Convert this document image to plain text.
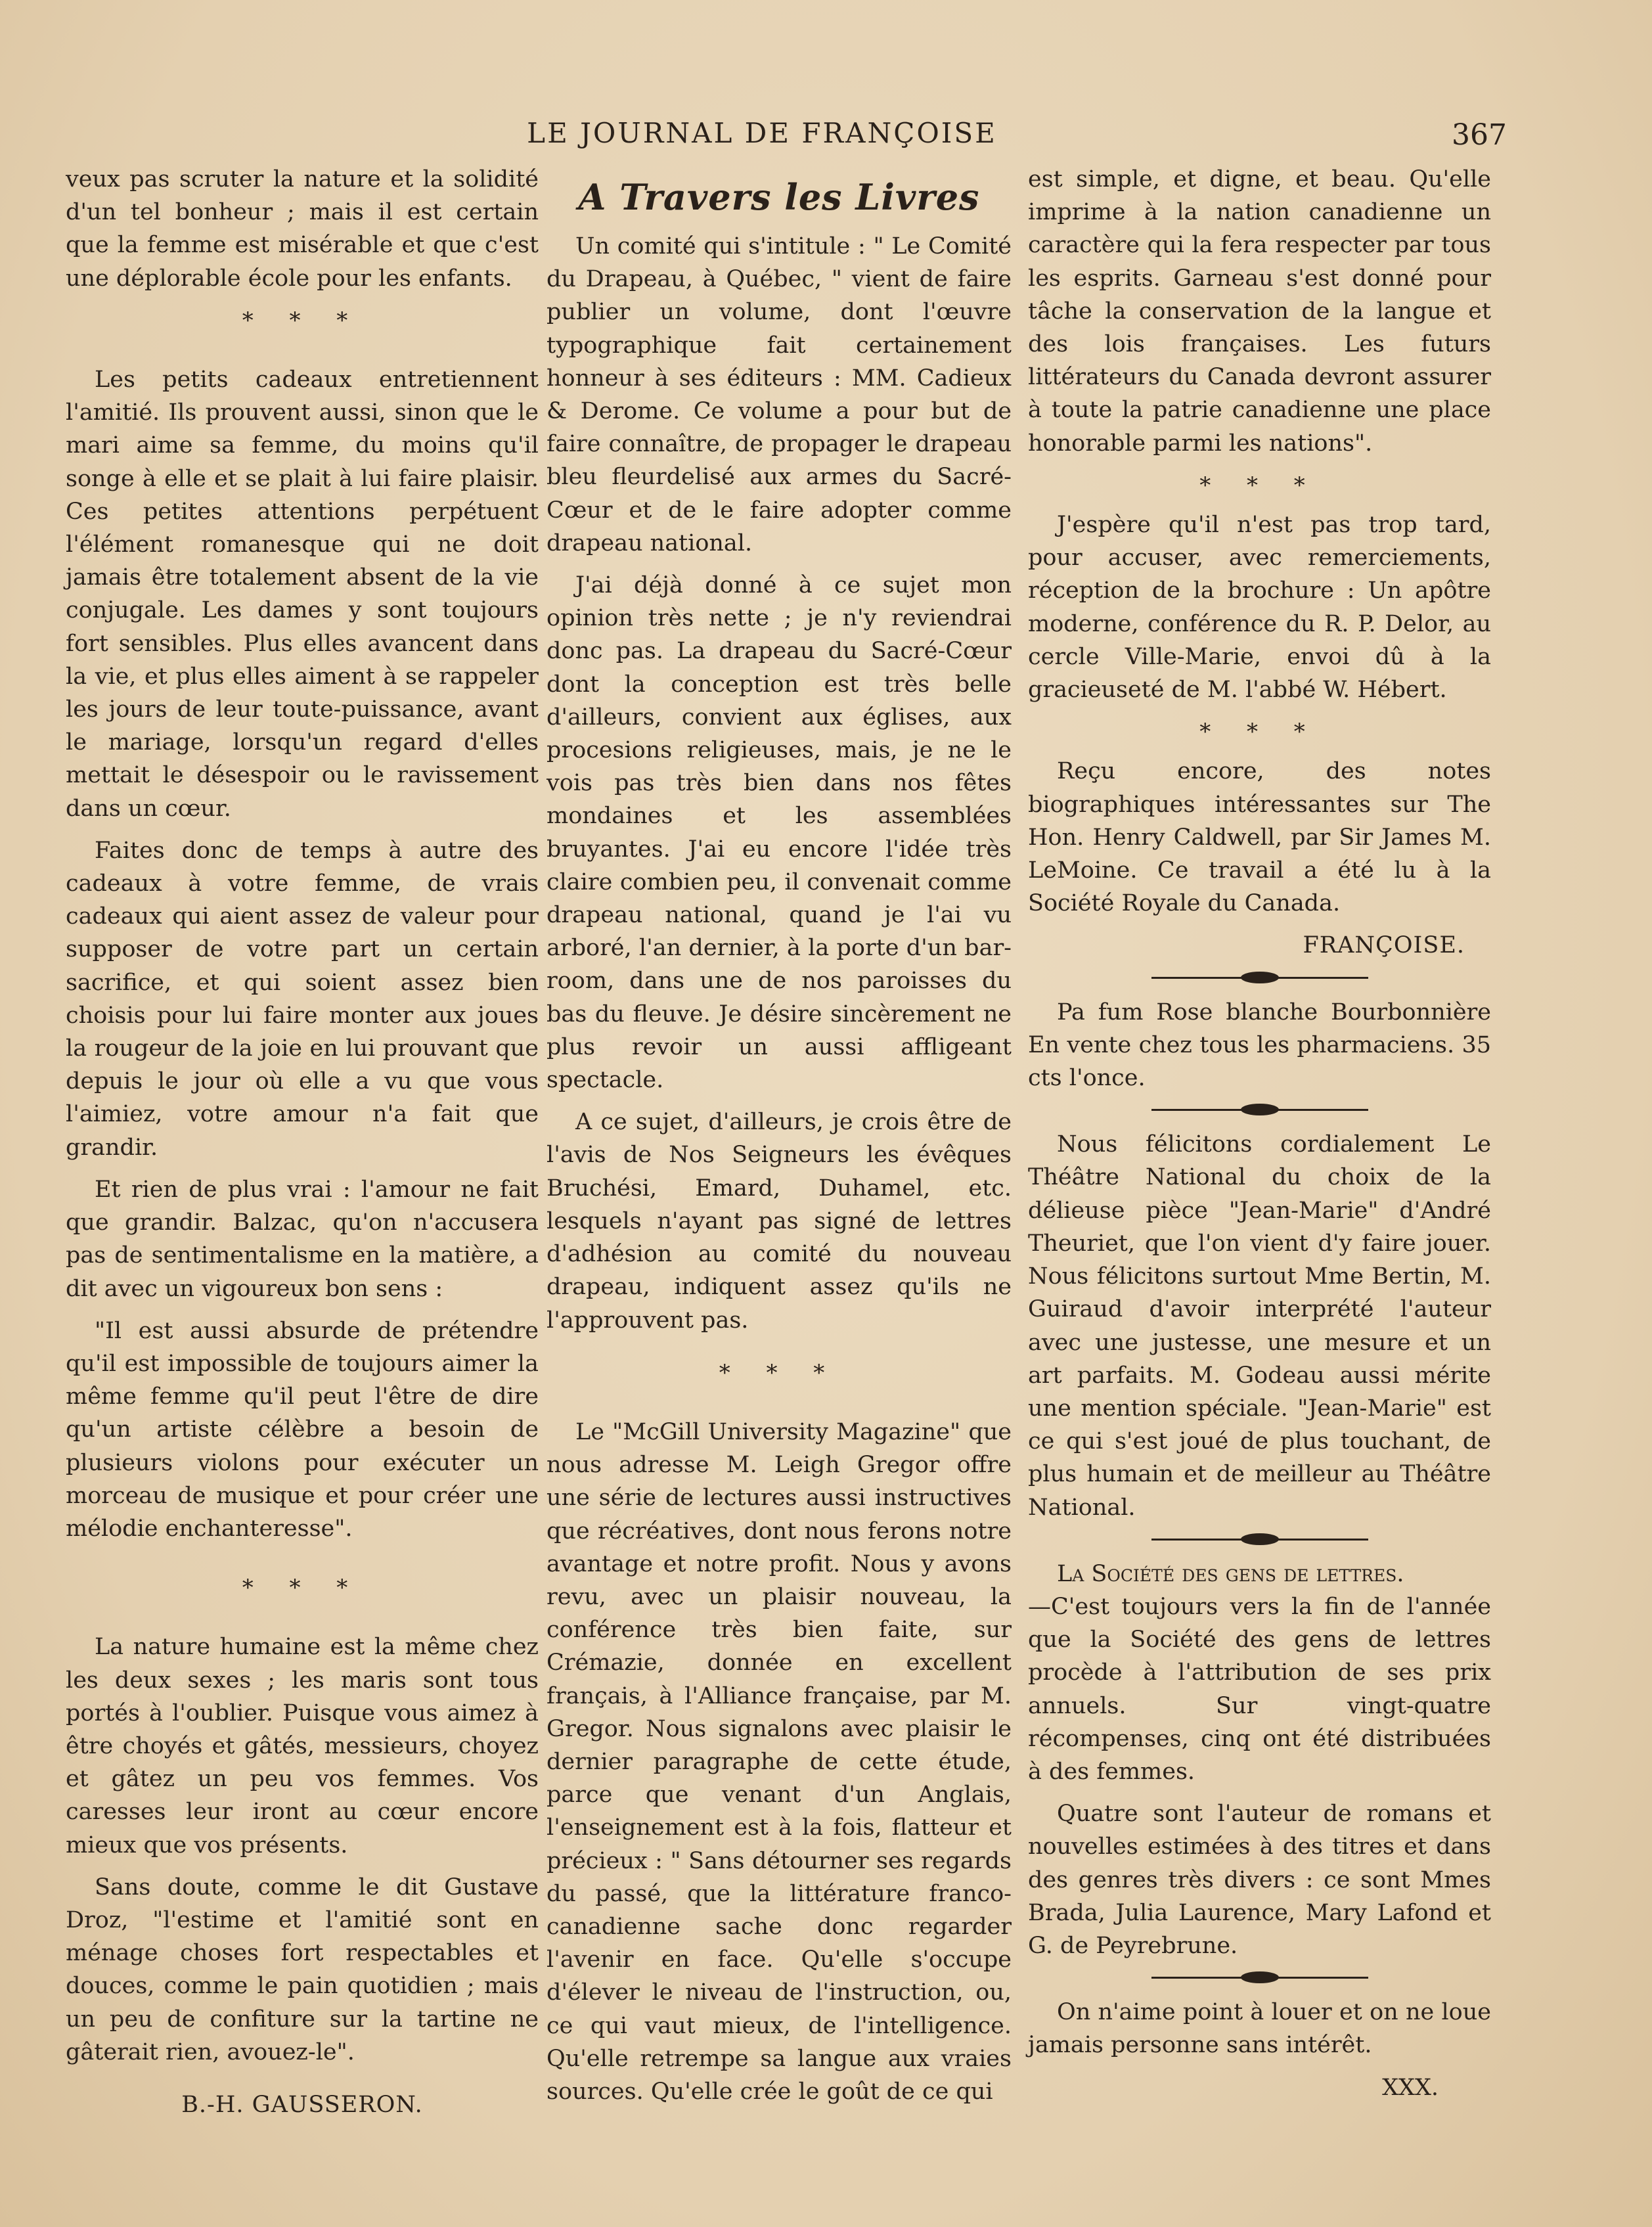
LE JOURNAL DE FRANÇOISE	367

veux pas scruter la nature et la solidité d'un tel bonheur ; mais il est certain que la femme est misérable et que c'est une déplorable école pour les enfants.

* * *

Les petits cadeaux entretiennent l'amitié. Ils prouvent aussi, sinon que le mari aime sa femme, du moins qu'il songe à elle et se plait à lui faire plaisir. Ces petites attentions perpétuent l'élément romanesque qui ne doit jamais être totalement absent de la vie conjugale. Les dames y sont toujours fort sensibles. Plus elles avancent dans la vie, et plus elles aiment à se rappeler les jours de leur toute-puissance, avant le mariage, lorsqu'un regard d'elles mettait le désespoir ou le ravissement dans un cœur.

Faites donc de temps à autre des cadeaux à votre femme, de vrais cadeaux qui aient assez de valeur pour supposer de votre part un certain sacrifice, et qui soient assez bien choisis pour lui faire monter aux joues la rougeur de la joie en lui prouvant que depuis le jour où elle a vu que vous l'aimiez, votre amour n'a fait que grandir.

Et rien de plus vrai : l'amour ne fait que grandir. Balzac, qu'on n'accusera pas de sentimentalisme en la matière, a dit avec un vigoureux bon sens :

"Il est aussi absurde de prétendre qu'il est impossible de toujours aimer la même femme qu'il peut l'être de dire qu'un artiste célèbre a besoin de plusieurs violons pour exécuter un morceau de musique et pour créer une mélodie enchanteresse".

* * *

La nature humaine est la même chez les deux sexes ; les maris sont tous portés à l'oublier. Puisque vous aimez à être choyés et gâtés, messieurs, choyez et gâtez un peu vos femmes. Vos caresses leur iront au cœur encore mieux que vos présents.

Sans doute, comme le dit Gustave Droz, "l'estime et l'amitié sont en ménage choses fort respectables et douces, comme le pain quotidien ; mais un peu de confiture sur la tartine ne gâterait rien, avouez-le".

B.-H. GAUSSERON.
A Travers les Livres

Un comité qui s'intitule : " Le Comité du Drapeau, à Québec, " vient de faire publier un volume, dont l'œuvre typographique fait certainement honneur à ses éditeurs : MM. Cadieux & Derome. Ce volume a pour but de faire connaître, de propager le drapeau bleu fleurdelisé aux armes du Sacré-Cœur et de le faire adopter comme drapeau national.

J'ai déjà donné à ce sujet mon opinion très nette ; je n'y reviendrai donc pas. La drapeau du Sacré-Cœur dont la conception est très belle d'ailleurs, convient aux églises, aux procesions religieuses, mais, je ne le vois pas très bien dans nos fêtes mondaines et les assemblées bruyantes. J'ai eu encore l'idée très claire combien peu, il convenait comme drapeau national, quand je l'ai vu arboré, l'an dernier, à la porte d'un bar-room, dans une de nos paroisses du bas du fleuve. Je désire sincèrement ne plus revoir un aussi affligeant spectacle.

A ce sujet, d'ailleurs, je crois être de l'avis de Nos Seigneurs les évêques Bruchési, Emard, Duhamel, etc. lesquels n'ayant pas signé de lettres d'adhésion au comité du nouveau drapeau, indiquent assez qu'ils ne l'approuvent pas.

* * *

Le "McGill University Magazine" que nous adresse M. Leigh Gregor offre une série de lectures aussi instructives que récréatives, dont nous ferons notre avantage et notre profit. Nous y avons revu, avec un plaisir nouveau, la conférence très bien faite, sur Crémazie, donnée en excellent français, à l'Alliance française, par M. Gregor. Nous signalons avec plaisir le dernier paragraphe de cette étude, parce que venant d'un Anglais, l'enseignement est à la fois, flatteur et précieux : " Sans détourner ses regards du passé, que la littérature franco-canadienne sache donc regarder l'avenir en face. Qu'elle s'occupe d'élever le niveau de l'instruction, ou, ce qui vaut mieux, de l'intelligence. Qu'elle retrempe sa langue aux vraies sources. Qu'elle crée le goût de ce qui

est simple, et digne, et beau. Qu'elle imprime à la nation canadienne un caractère qui la fera respecter par tous les esprits. Garneau s'est donné pour tâche la conservation de la langue et des lois françaises. Les futurs littérateurs du Canada devront assurer à toute la patrie canadienne une place honorable parmi les nations".

* * *

J'espère qu'il n'est pas trop tard, pour accuser, avec remerciements, réception de la brochure : Un apôtre moderne, conférence du R. P. Delor, au cercle Ville-Marie, envoi dû à la gracieuseté de M. l'abbé W. Hébert.

* * *

Reçu encore, des notes biographiques intéressantes sur The Hon. Henry Caldwell, par Sir James M. LeMoine. Ce travail a été lu à la Société Royale du Canada.

FRANÇOISE.

Pa fum Rose blanche Bourbonnière En vente chez tous les pharmaciens. 35 cts l'once.

Nous félicitons cordialement Le Théâtre National du choix de la délieuse pièce "Jean-Marie" d'André Theuriet, que l'on vient d'y faire jouer. Nous félicitons surtout Mme Bertin, M. Guiraud d'avoir interprété l'auteur avec une justesse, une mesure et un art parfaits. M. Godeau aussi mérite une mention spéciale. "Jean-Marie" est ce qui s'est joué de plus touchant, de plus humain et de meilleur au Théâtre National.

La Société des gens de lettres.
—C'est toujours vers la fin de l'année que la Société des gens de lettres procède à l'attribution de ses prix annuels. Sur vingt-quatre récompenses, cinq ont été distribuées à des femmes.

Quatre sont l'auteur de romans et nouvelles estimées à des titres et dans des genres très divers : ce sont Mmes Brada, Julia Laurence, Mary Lafond et G. de Peyrebrune.

On n'aime point à louer et on ne loue jamais personne sans intérêt.

XXX.
